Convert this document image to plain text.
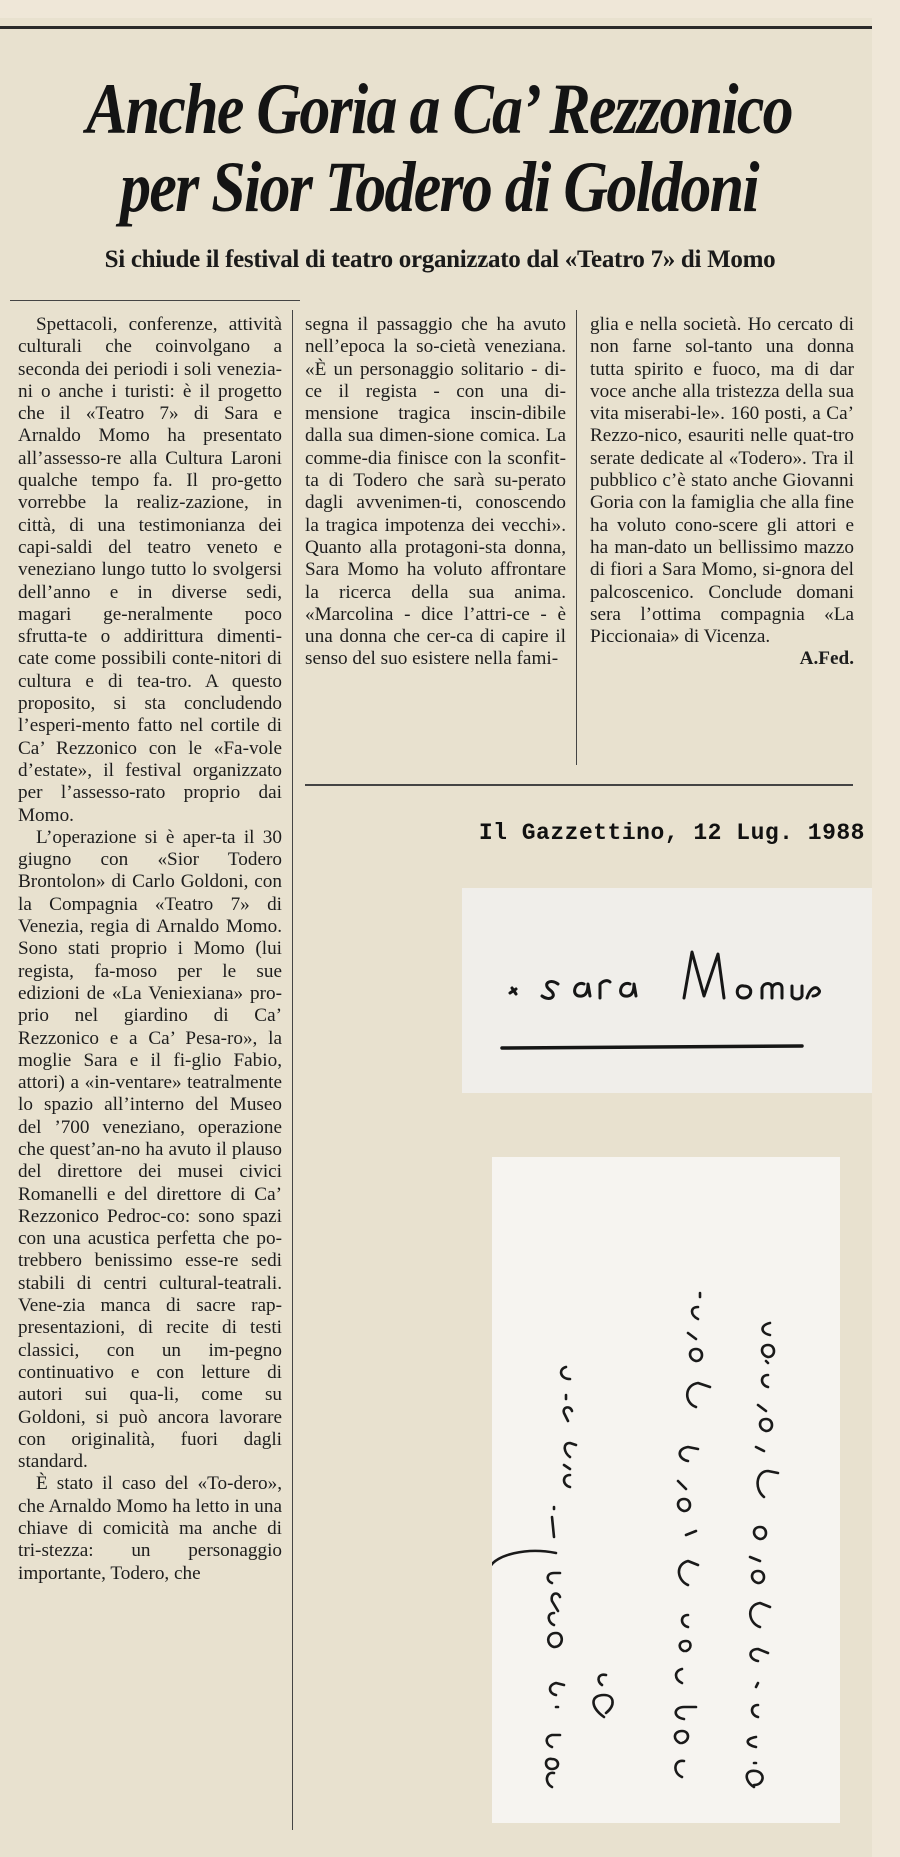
Anche Goria a Ca’ Rezzonico
per Sior Todero di Goldoni
Si chiude il festival di teatro organizzato dal «Teatro 7» di Momo

Spettacoli, conferenze, attività culturali che coinvolgano a seconda dei periodi i soli venezia-ni o anche i turisti: è il progetto che il «Teatro 7» di Sara e Arnaldo Momo ha presentato all’assesso-re alla Cultura Laroni qualche tempo fa. Il pro-getto vorrebbe la realiz-zazione, in città, di una testimonianza dei capi-saldi del teatro veneto e veneziano lungo tutto lo svolgersi dell’anno e in diverse sedi, magari ge-neralmente poco sfrutta-te o addirittura dimenti-cate come possibili conte-nitori di cultura e di tea-tro. A questo proposito, si sta concludendo l’esperi-mento fatto nel cortile di Ca’ Rezzonico con le «Fa-vole d’estate», il festival organizzato per l’assesso-rato proprio dai Momo.

L’operazione si è aper-ta il 30 giugno con «Sior Todero Brontolon» di Carlo Goldoni, con la Compagnia «Teatro 7» di Venezia, regia di Arnaldo Momo. Sono stati proprio i Momo (lui regista, fa-moso per le sue edizioni de «La Veniexiana» pro-prio nel giardino di Ca’ Rezzonico e a Ca’ Pesa-ro», la moglie Sara e il fi-glio Fabio, attori) a «in-ventare» teatralmente lo spazio all’interno del Museo del ’700 veneziano, operazione che quest’an-no ha avuto il plauso del direttore dei musei civici Romanelli e del direttore di Ca’ Rezzonico Pedroc-co: sono spazi con una acustica perfetta che po-trebbero benissimo esse-re sedi stabili di centri cultural-teatrali. Vene-zia manca di sacre rap-presentazioni, di recite di testi classici, con un im-pegno continuativo e con letture di autori sui qua-li, come su Goldoni, si può ancora lavorare con originalità, fuori dagli standard.

È stato il caso del «To-dero», che Arnaldo Momo ha letto in una chiave di comicità ma anche di tri-stezza: un personaggio importante, Todero, che

segna il passaggio che ha avuto nell’epoca la so-cietà veneziana. «È un personaggio solitario - di-ce il regista - con una di-mensione tragica inscin-dibile dalla sua dimen-sione comica. La comme-dia finisce con la sconfit-ta di Todero che sarà su-perato dagli avvenimen-ti, conoscendo la tragica impotenza dei vecchi». Quanto alla protagoni-sta donna, Sara Momo ha voluto affrontare la ricerca della sua anima. «Marcolina - dice l’attri-ce - è una donna che cer-ca di capire il senso del suo esistere nella fami-

glia e nella società. Ho cercato di non farne sol-tanto una donna tutta spirito e fuoco, ma di dar voce anche alla tristezza della sua vita miserabi-le». 160 posti, a Ca’ Rezzo-nico, esauriti nelle quat-tro serate dedicate al «Todero». Tra il pubblico c’è stato anche Giovanni Goria con la famiglia che alla fine ha voluto cono-scere gli attori e ha man-dato un bellissimo mazzo di fiori a Sara Momo, si-gnora del palcoscenico. Conclude domani sera l’ottima compagnia «La Piccionaia» di Vicenza.

A.Fed.
Il Gazzettino, 12 Lug. 1988
